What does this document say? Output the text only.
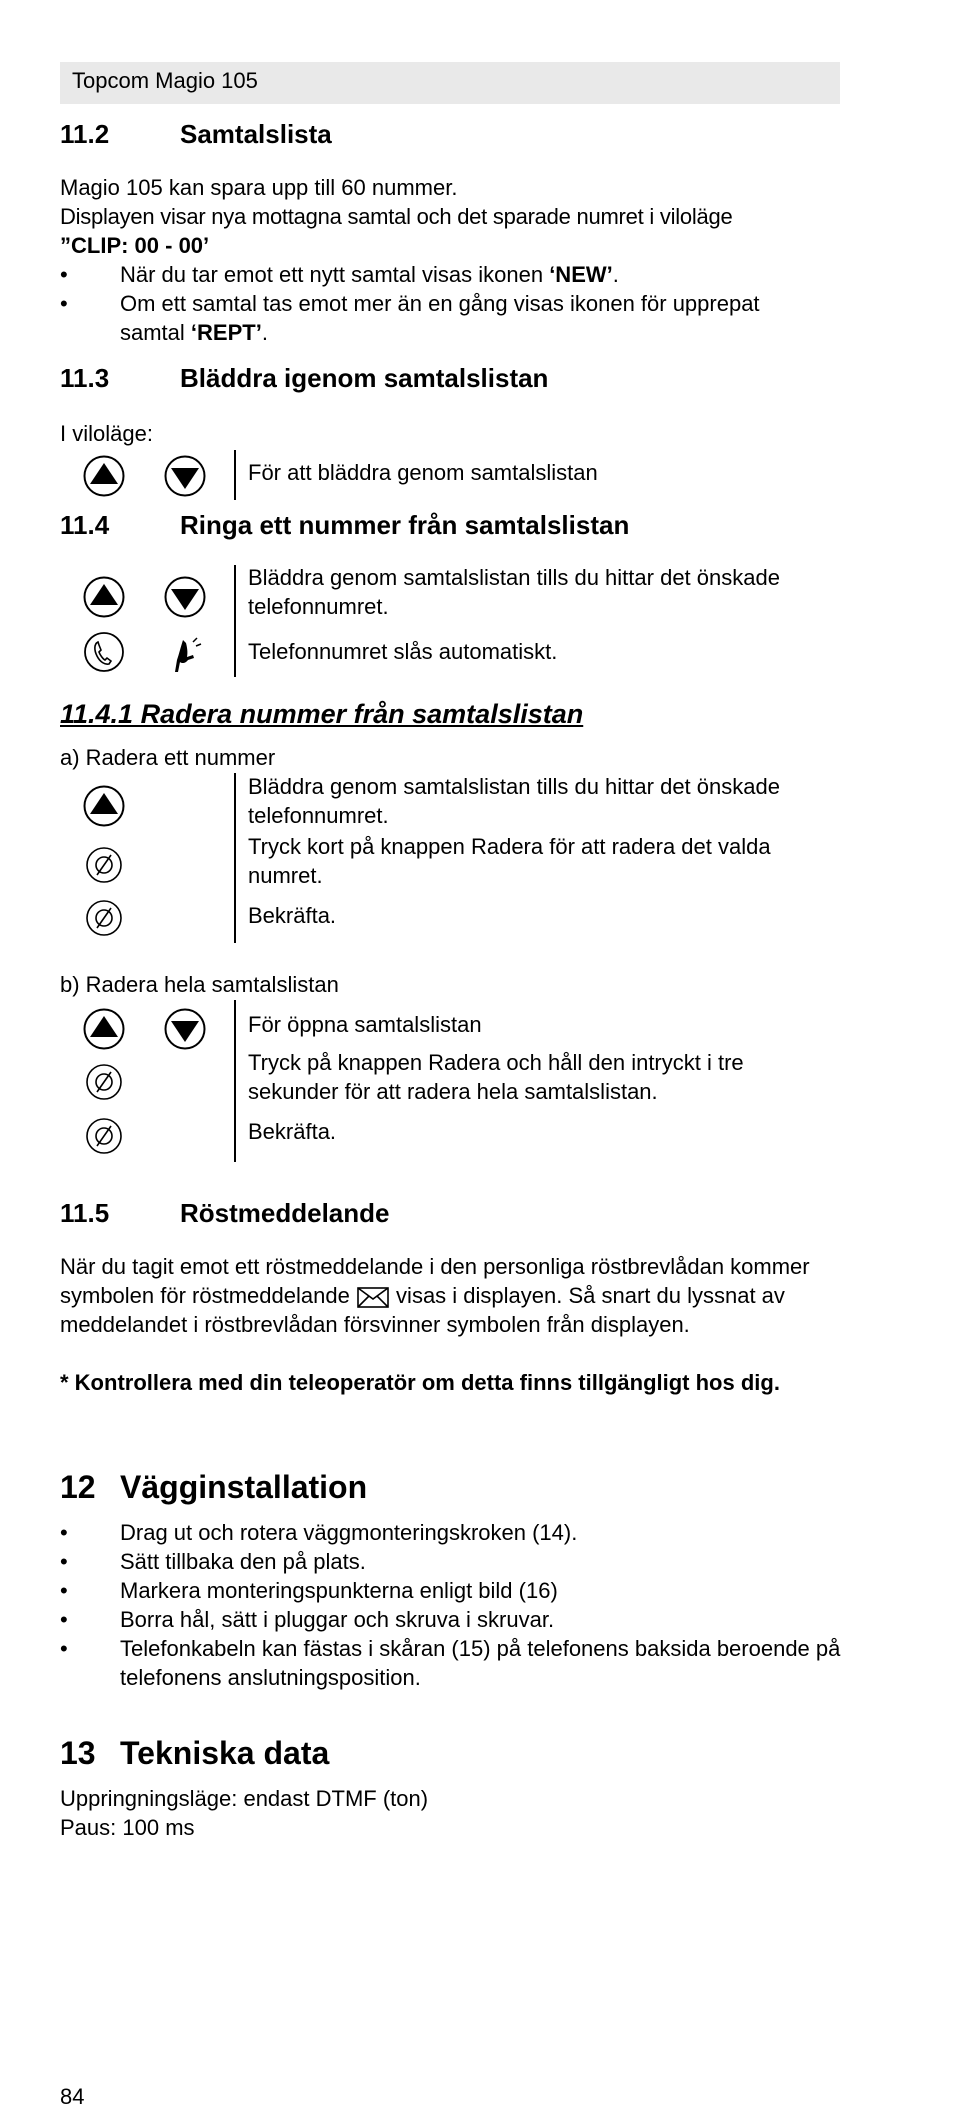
Topcom Magio 105
11.2	Samtalslista

Magio 105 kan spara upp till 60 nummer.

Displayen visar nya mottagna samtal och det sparade numret i viloläge

”CLIP: 00 - 00’

• När du tar emot ett nytt samtal visas ikonen ‘NEW’.
• Om ett samtal tas emot mer än en gång visas ikonen för upprepat samtal ‘REPT’.
11.3	Bläddra igenom samtalslistan

I viloläge:

För att bläddra genom samtalslistan
11.4	Ringa ett nummer från samtalslistan
Bläddra genom samtalslistan tills du hittar det önskade telefonnumret.
Telefonnumret slås automatiskt.
11.4.1 Radera nummer från samtalslistan

a) Radera ett nummer

Bläddra genom samtalslistan tills du hittar det önskade telefonnumret.
Tryck kort på knappen Radera för att radera det valda numret.
Bekräfta.

b) Radera hela samtalslistan

För öppna samtalslistan
Tryck på knappen Radera och håll den intryckt i tre sekunder för att radera hela samtalslistan.
Bekräfta.
11.5	Röstmeddelande

När du tagit emot ett röstmeddelande i den personliga röstbrevlådan kommer symbolen för röstmeddelande  visas i displayen. Så snart du lyssnat av meddelandet i röstbrevlådan försvinner symbolen från displayen.

* Kontrollera med din teleoperatör om detta finns tillgängligt hos dig.

12 Vägginstallation
• Drag ut och rotera väggmonteringskroken (14).
• Sätt tillbaka den på plats.
• Markera monteringspunkterna enligt bild (16)
• Borra hål, sätt i pluggar och skruva i skruvar.
• Telefonkabeln kan fästas i skåran (15) på telefonens baksida beroende på telefonens anslutningsposition.
13 Tekniska data

Uppringningsläge: endast DTMF (ton)

Paus: 100 ms

84
